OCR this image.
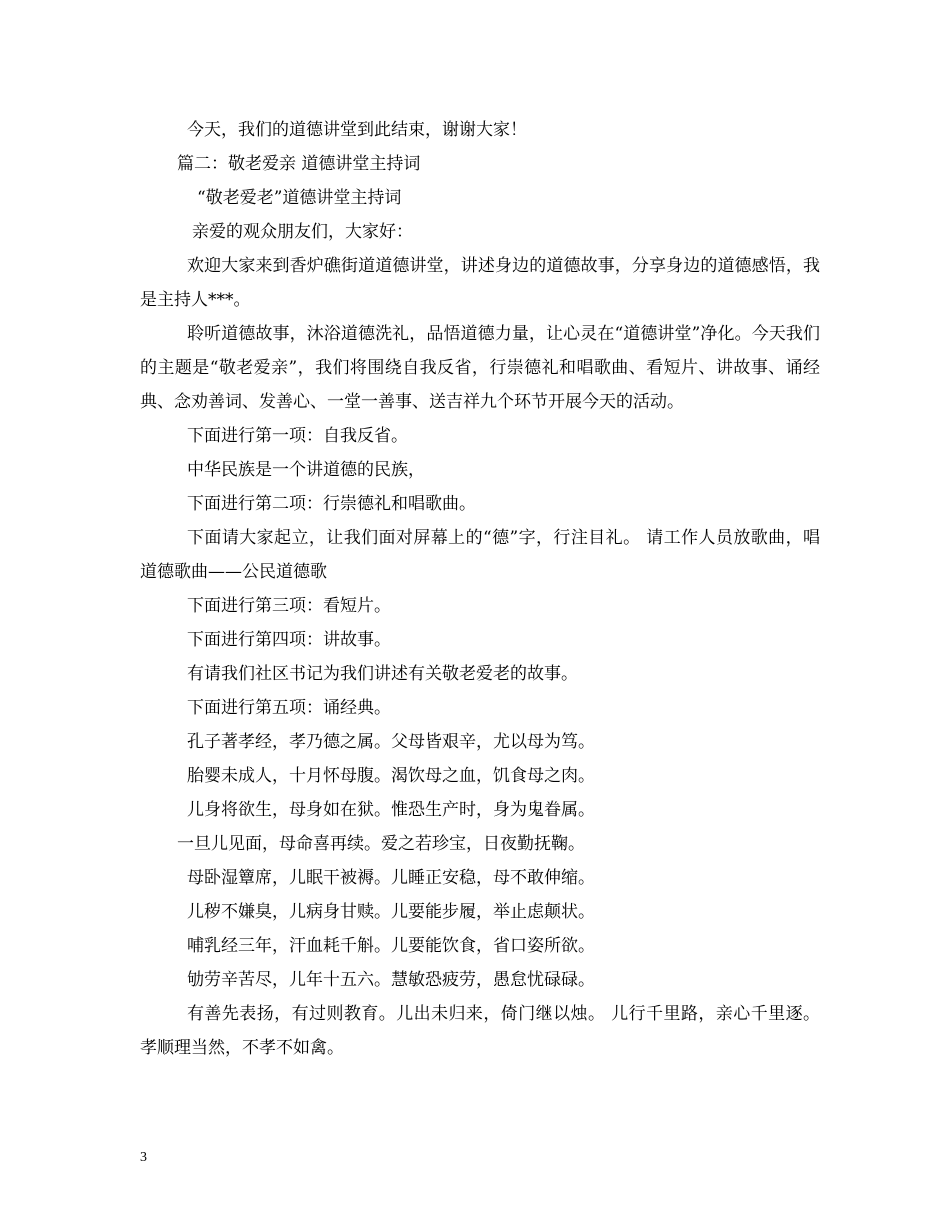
今天，我们的道德讲堂到此结束，谢谢大家！

篇二：敬老爱亲 道德讲堂主持词

“敬老爱老”道德讲堂主持词

亲爱的观众朋友们，大家好：

欢迎大家来到香炉礁街道道德讲堂，讲述身边的道德故事，分享身边的道德感悟，我是主持人***。

聆听道德故事，沐浴道德洗礼，品悟道德力量，让心灵在“道德讲堂”净化。今天我们的主题是“敬老爱亲”，我们将围绕自我反省，行崇德礼和唱歌曲、看短片、讲故事、诵经典、念劝善词、发善心、一堂一善事、送吉祥九个环节开展今天的活动。

下面进行第一项：自我反省。

中华民族是一个讲道德的民族，

下面进行第二项：行崇德礼和唱歌曲。

下面请大家起立，让我们面对屏幕上的“德”字，行注目礼。 请工作人员放歌曲，唱道德歌曲——公民道德歌

下面进行第三项：看短片。

下面进行第四项：讲故事。

有请我们社区书记为我们讲述有关敬老爱老的故事。

下面进行第五项：诵经典。

孔子著孝经，孝乃德之属。父母皆艰辛，尤以母为笃。

胎婴未成人，十月怀母腹。渴饮母之血，饥食母之肉。

儿身将欲生，母身如在狱。惟恐生产时，身为鬼眷属。

一旦儿见面，母命喜再续。爱之若珍宝，日夜勤抚鞠。

母卧湿簟席，儿眠干被褥。儿睡正安稳，母不敢伸缩。

儿秽不嫌臭，儿病身甘赎。儿要能步履，举止虑颠状。

哺乳经三年，汗血耗千斛。儿要能饮食，省口姿所欲。

劬劳辛苦尽，儿年十五六。慧敏恐疲劳，愚怠忧碌碌。

有善先表扬，有过则教育。儿出未归来，倚门继以烛。 儿行千里路，亲心千里逐。孝顺理当然，不孝不如禽。

3
